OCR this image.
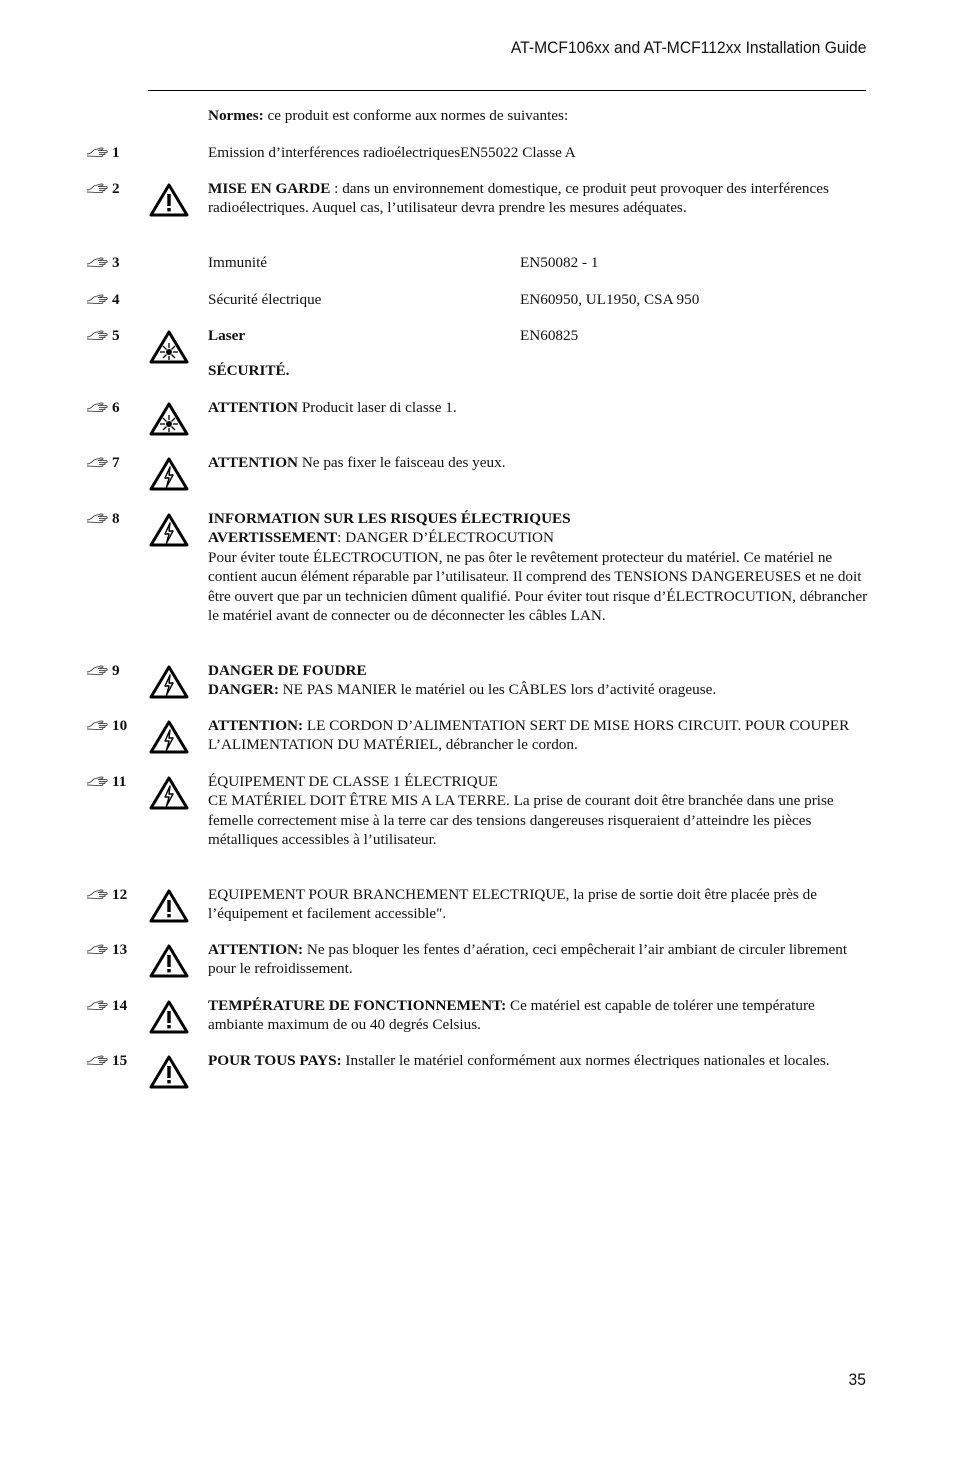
AT-MCF106xx and AT-MCF112xx Installation Guide
Normes: ce produit est conforme aux normes de suivantes:
1	Emission d’interférences radioélectriquesEN55022 Classe A
2	MISE EN GARDE : dans un environnement domestique, ce produit peut provoquer des interférences radioélectriques. Auquel cas, l’utilisateur devra prendre les mesures adéquates.
3	Immunité	EN50082 - 1
4	Sécurité électrique	EN60950, UL1950, CSA 950
5	Laser	EN60825
SÉCURITÉ.
6	ATTENTION Producit laser di classe 1.
7	ATTENTION Ne pas fixer le faisceau des yeux.
8	INFORMATION SUR LES RISQUES ÉLECTRIQUES
AVERTISSEMENT: DANGER D’ÉLECTROCUTION
Pour éviter toute ÉLECTROCUTION, ne pas ôter le revêtement protecteur du matériel. Ce matériel ne contient aucun élément réparable par l’utilisateur. Il comprend des TENSIONS DANGEREUSES et ne doit être ouvert que par un technicien dûment qualifié. Pour éviter tout risque d’ÉLECTROCUTION, débrancher le matériel avant de connecter ou de déconnecter les câbles LAN.
9	DANGER DE FOUDRE
DANGER: NE PAS MANIER le matériel ou les CÂBLES lors d’activité orageuse.
10	ATTENTION: LE CORDON D’ALIMENTATION SERT DE MISE HORS CIRCUIT. POUR COUPER L’ALIMENTATION DU MATÉRIEL, débrancher le cordon.
11	ÉQUIPEMENT DE CLASSE 1 ÉLECTRIQUE
CE MATÉRIEL DOIT ÊTRE MIS A LA TERRE. La prise de courant doit être branchée dans une prise femelle correctement mise à la terre car des tensions dangereuses risqueraient d’atteindre les pièces métalliques accessibles à l’utilisateur.
12	EQUIPEMENT POUR BRANCHEMENT ELECTRIQUE, la prise de sortie doit être placée près de l’équipement et facilement accessible".
13	ATTENTION: Ne pas bloquer les fentes d’aération, ceci empêcherait l’air ambiant de circuler librement pour le refroidissement.
14	TEMPÉRATURE DE FONCTIONNEMENT: Ce matériel est capable de tolérer une température ambiante maximum de ou 40 degrés Celsius.
15	POUR TOUS PAYS: Installer le matériel conformément aux normes électriques nationales et locales.
35
